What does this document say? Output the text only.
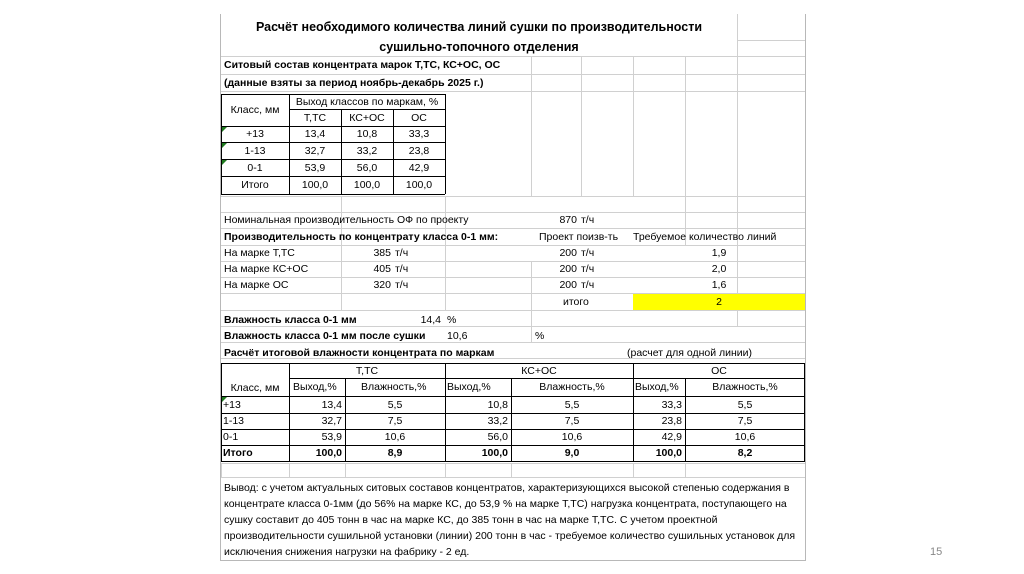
Расчёт необходимого количества линий сушки по производительности
сушильно-топочного отделения
Ситовый состав концентрата марок Т,ТС, КС+ОС, ОС
(данные взяты за период ноябрь-декабрь 2025 г.)
Класс, мм
Выход классов по маркам, %
Т,ТС	КС+ОС	ОС
+13	13,4	10,8	33,3
1-13	32,7	33,2	23,8
0-1	53,9	56,0	42,9
Итого	100,0	100,0	100,0
Номинальная производительность ОФ по проекту	870 т/ч
Производительность по концентрату класса 0-1 мм:	Проект поизв-ть Требуемое количество линий
На марке Т,ТС	385 т/ч	200 т/ч	1,9
На марке КС+ОС	405 т/ч	200 т/ч	2,0
На марке ОС	320 т/ч	200 т/ч	1,6
итого	2
Влажность класса 0-1 мм	14,4 %
Влажность класса 0-1 мм после сушки 10,6	%
Расчёт итоговой влажности концентрата по маркам	(расчет для одной линии)
Класс, мм
Т,ТС	КС+ОС	ОС
Выход,% Влажность,% Выход,%	Влажность,%	Выход,%	Влажность,%
+13	13,4	5,5	10,8	5,5	33,3	5,5
1-13	32,7	7,5	33,2	7,5	23,8	7,5
0-1	53,9	10,6	56,0	10,6	42,9	10,6
Итого	100,0	8,9	100,0	9,0	100,0	8,2
Вывод: с учетом актуальных ситовых составов концентратов, характеризующихся высокой степенью содержания в концентрате класса 0-1мм (до 56% на марке КС, до 53,9 % на марке Т,ТС) нагрузка концентрата, поступающего на сушку составит до 405 тонн в час на марке КС, до 385 тонн в час на марке Т,ТС. С учетом проектной производительности сушильной установки (линии) 200 тонн в час - требуемое количество сушильных установок для исключения снижения нагрузки на фабрику - 2 ед.	15
